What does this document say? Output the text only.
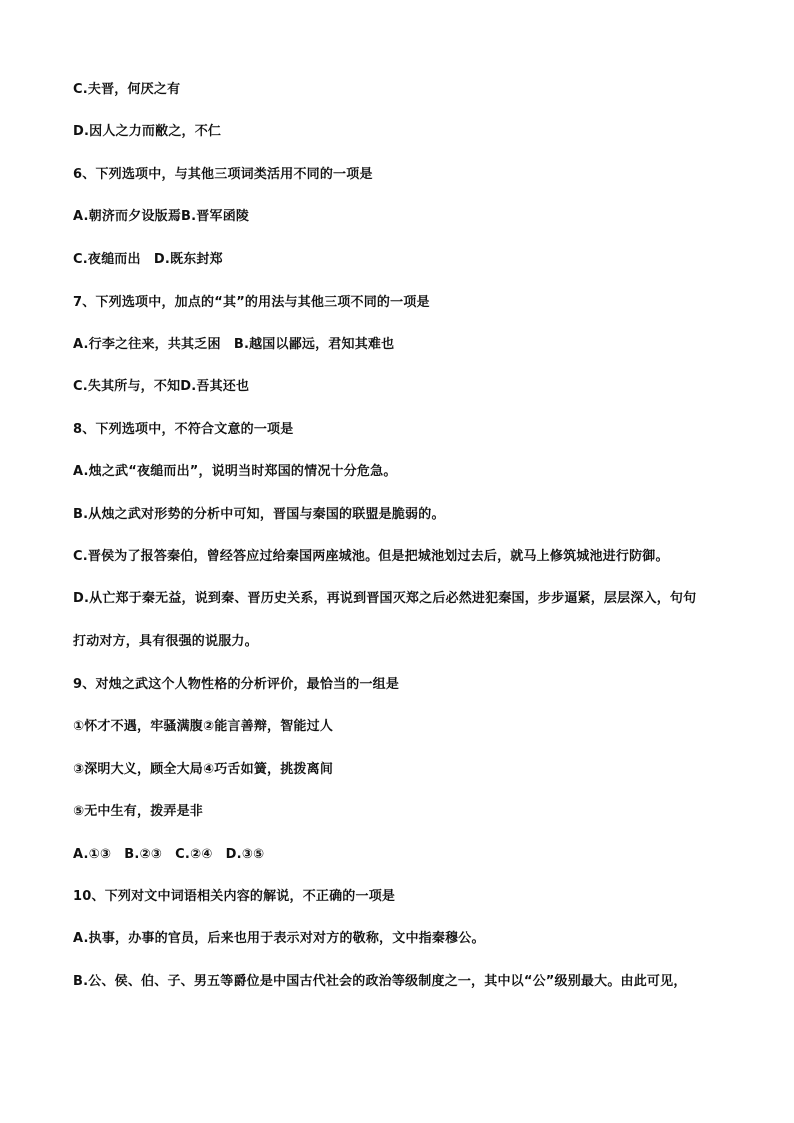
C.夫晋，何厌之有
D.因人之力而敝之，不仁
6、下列选项中，与其他三项词类活用不同的一项是
A.朝济而夕设版焉B.晋军函陵
C.夜缒而出　D.既东封郑
7、下列选项中，加点的“其”的用法与其他三项不同的一项是
A.行李之往来，共其乏困　B.越国以鄙远，君知其难也
C.失其所与，不知D.吾其还也
8、下列选项中，不符合文意的一项是
A.烛之武“夜缒而出”，说明当时郑国的情况十分危急。
B.从烛之武对形势的分析中可知，晋国与秦国的联盟是脆弱的。
C.晋侯为了报答秦伯，曾经答应过给秦国两座城池。但是把城池划过去后，就马上修筑城池进行防御。
D.从亡郑于秦无益，说到秦、晋历史关系，再说到晋国灭郑之后必然进犯秦国，步步逼紧，层层深入，句句
打动对方，具有很强的说服力。
9、对烛之武这个人物性格的分析评价，最恰当的一组是
①怀才不遇，牢骚满腹②能言善辩，智能过人
③深明大义，顾全大局④巧舌如簧，挑拨离间
⑤无中生有，拨弄是非
A.①③　B.②③　C.②④　D.③⑤
10、下列对文中词语相关内容的解说，不正确的一项是
A.执事，办事的官员，后来也用于表示对对方的敬称，文中指秦穆公。
B.公、侯、伯、子、男五等爵位是中国古代社会的政治等级制度之一，其中以“公”级别最大。由此可见，
